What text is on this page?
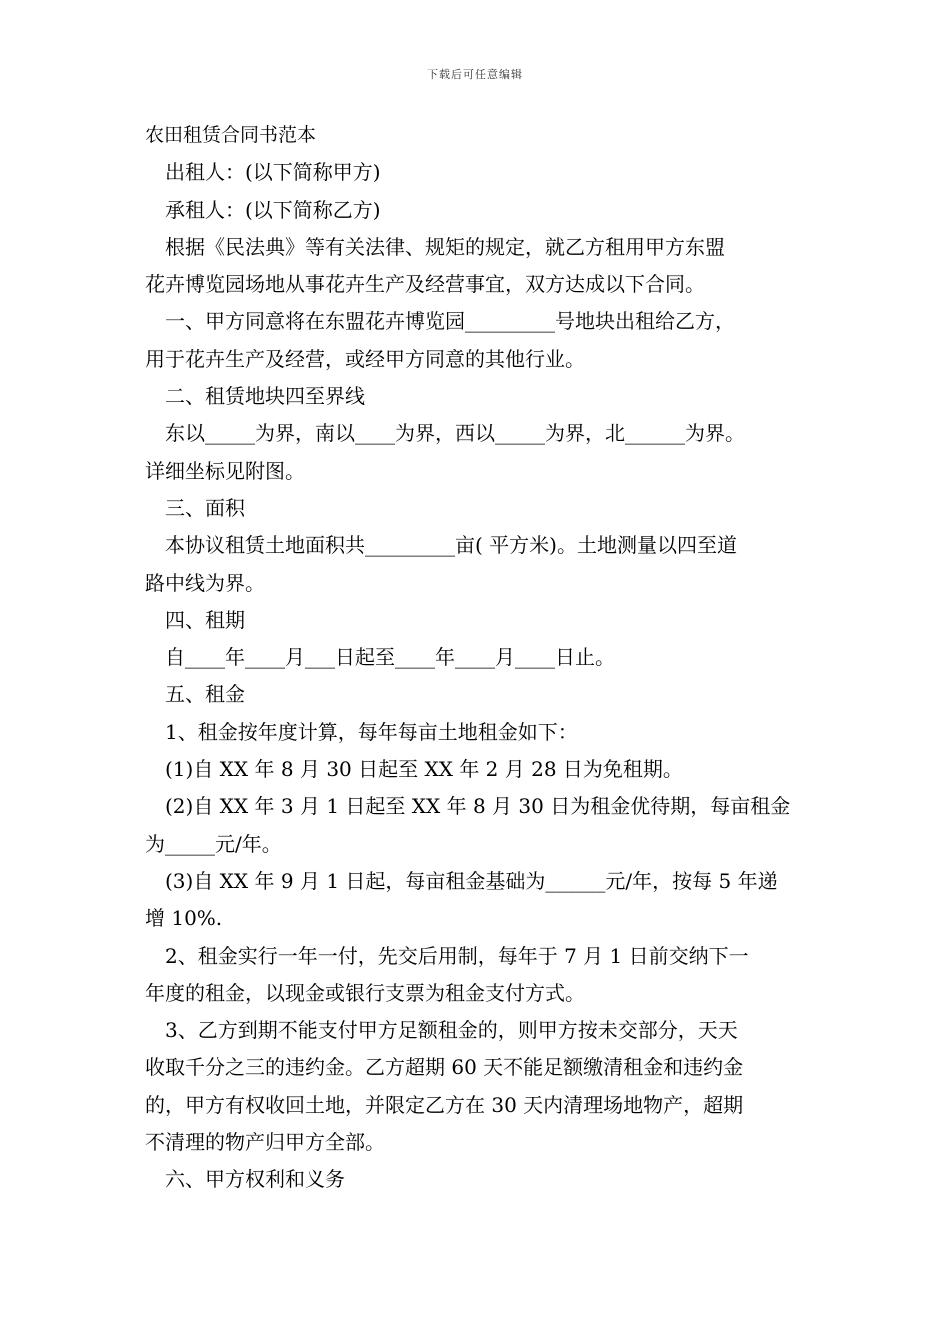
下载后可任意编辑
农田租赁合同书范本
出租人：(以下简称甲方)
承租人：(以下简称乙方)
根据《民法典》等有关法律、规矩的规定，就乙方租用甲方东盟
花卉博览园场地从事花卉生产及经营事宜，双方达成以下合同。
一、甲方同意将在东盟花卉博览园_________号地块出租给乙方，
用于花卉生产及经营，或经甲方同意的其他行业。
二、租赁地块四至界线
东以_____为界，南以____为界，西以_____为界，北______为界。
详细坐标见附图。
三、面积
本协议租赁土地面积共_________亩( 平方米)。土地测量以四至道
路中线为界。
四、租期
自____年____月___日起至____年____月____日止。
五、租金
1、租金按年度计算，每年每亩土地租金如下：
(1)自 XX 年 8 月 30 日起至 XX 年 2 月 28 日为免租期。
(2)自 XX 年 3 月 1 日起至 XX 年 8 月 30 日为租金优待期，每亩租金
为_____元/年。
(3)自 XX 年 9 月 1 日起，每亩租金基础为______元/年，按每 5 年递
增 10%.
2、租金实行一年一付，先交后用制，每年于 7 月 1 日前交纳下一
年度的租金，以现金或银行支票为租金支付方式。
3、乙方到期不能支付甲方足额租金的，则甲方按未交部分，天天
收取千分之三的违约金。乙方超期 60 天不能足额缴清租金和违约金
的，甲方有权收回土地，并限定乙方在 30 天内清理场地物产，超期
不清理的物产归甲方全部。
六、甲方权利和义务
